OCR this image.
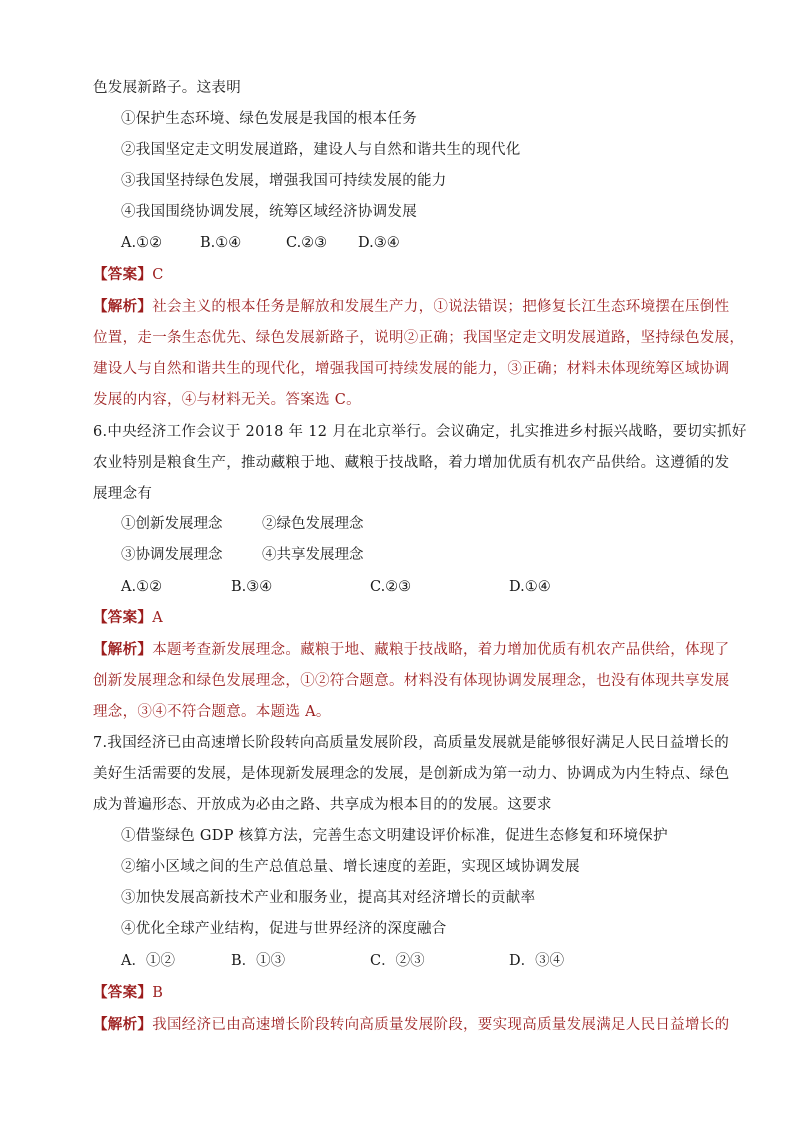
色发展新路子。这表明
①保护生态环境、绿色发展是我国的根本任务
②我国坚定走文明发展道路，建设人与自然和谐共生的现代化
③我国坚持绿色发展，增强我国可持续发展的能力
④我国围绕协调发展，统筹区域经济协调发展
A.①②	B.①④	C.②③ D.③④
【答案】C
【解析】社会主义的根本任务是解放和发展生产力，①说法错误；把修复长江生态环境摆在压倒性
位置，走一条生态优先、绿色发展新路子，说明②正确；我国坚定走文明发展道路，坚持绿色发展，
建设人与自然和谐共生的现代化，增强我国可持续发展的能力，③正确；材料未体现统筹区域协调
发展的内容，④与材料无关。答案选 C。
6.中央经济工作会议于 2018 年 12 月在北京举行。会议确定，扎实推进乡村振兴战略，要切实抓好
农业特别是粮食生产，推动藏粮于地、藏粮于技战略，着力增加优质有机农产品供给。这遵循的发
展理念有
①创新发展理念	②绿色发展理念
③协调发展理念	④共享发展理念
A.①②	B.③④	C.②③	D.①④
【答案】A
【解析】本题考查新发展理念。藏粮于地、藏粮于技战略，着力增加优质有机农产品供给，体现了
创新发展理念和绿色发展理念，①②符合题意。材料没有体现协调发展理念，也没有体现共享发展
理念，③④不符合题意。本题选 A。
7.我国经济已由高速增长阶段转向高质量发展阶段，高质量发展就是能够很好满足人民日益增长的
美好生活需要的发展，是体现新发展理念的发展，是创新成为第一动力、协调成为内生特点、绿色
成为普遍形态、开放成为必由之路、共享成为根本目的的发展。这要求
①借鉴绿色 GDP 核算方法，完善生态文明建设评价标准，促进生态修复和环境保护
②缩小区域之间的生产总值总量、增长速度的差距，实现区域协调发展
③加快发展高新技术产业和服务业，提高其对经济增长的贡献率
④优化全球产业结构，促进与世界经济的深度融合
A．①②	B．①③	C．②③	D．③④
【答案】B
【解析】我国经济已由高速增长阶段转向高质量发展阶段，要实现高质量发展满足人民日益增长的
